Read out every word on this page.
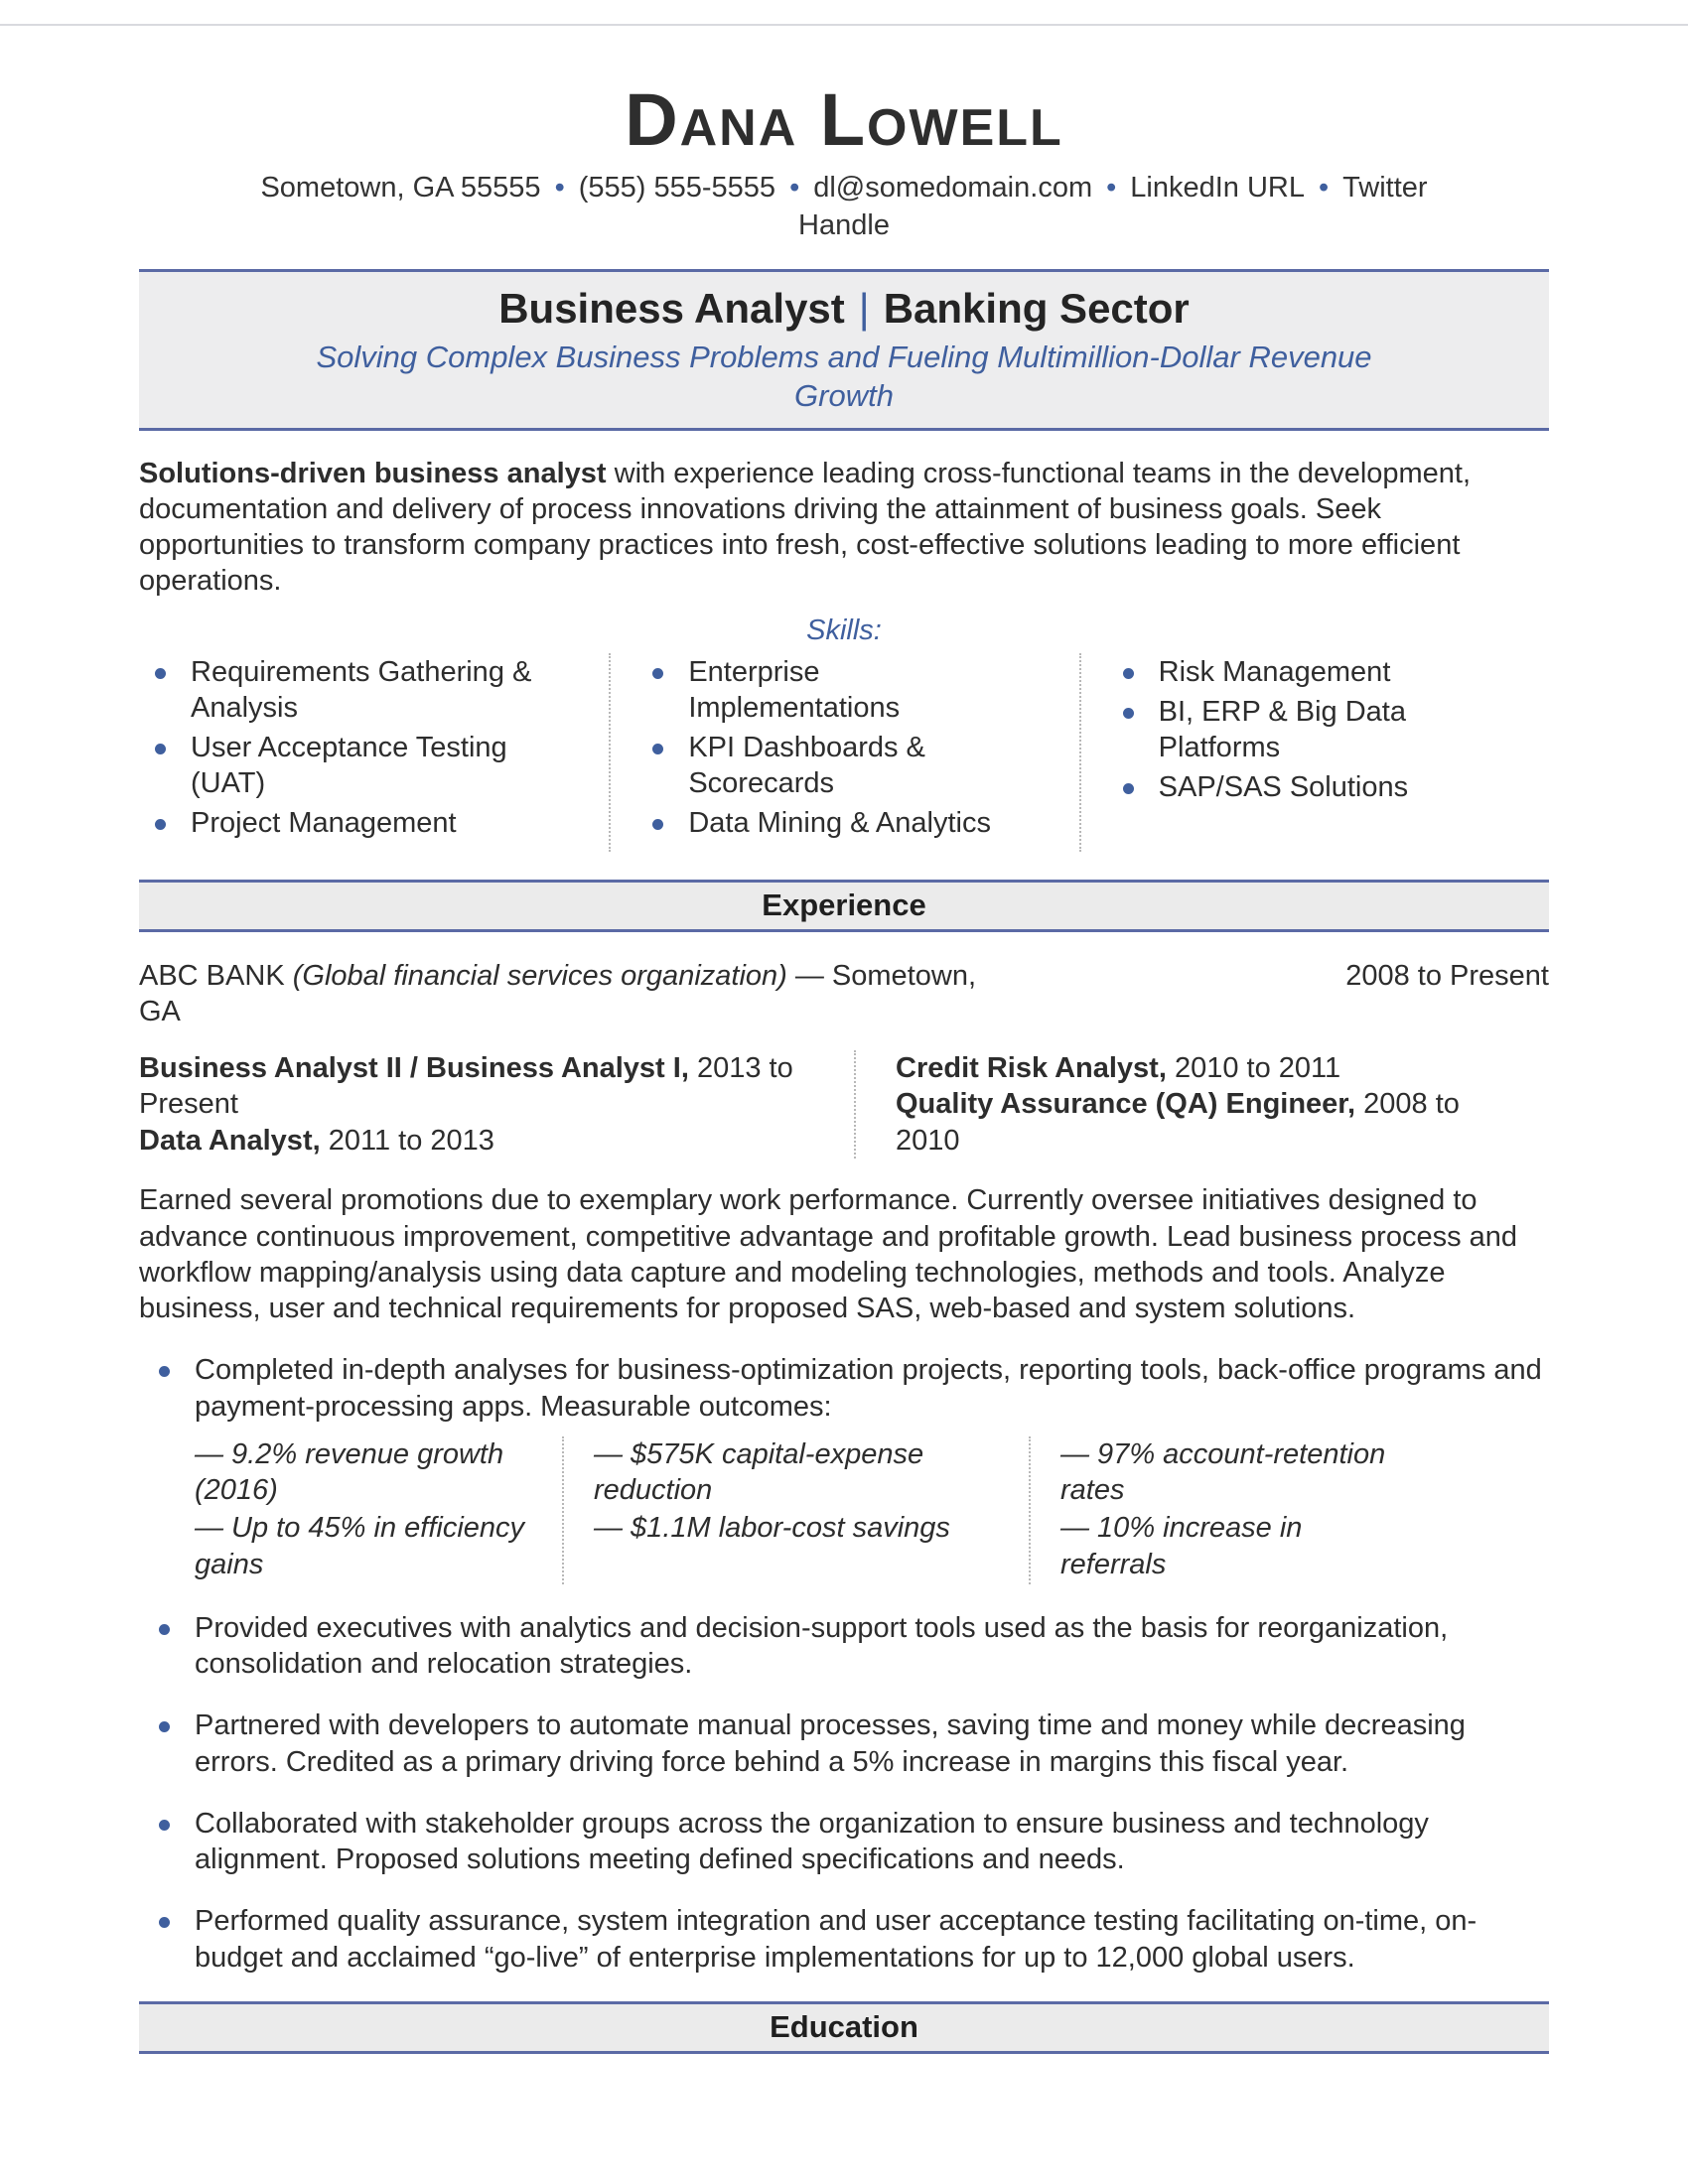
Dana Lowell
Sometown, GA 55555 • (555) 555-5555 • dl@somedomain.com • LinkedIn URL • Twitter Handle
Business Analyst | Banking Sector
Solving Complex Business Problems and Fueling Multimillion-Dollar Revenue Growth

Solutions-driven business analyst with experience leading cross-functional teams in the development, documentation and delivery of process innovations driving the attainment of business goals. Seek opportunities to transform company practices into fresh, cost-effective solutions leading to more efficient operations.

Skills:
Requirements Gathering & Analysis
User Acceptance Testing (UAT)
Project Management
Enterprise Implementations
KPI Dashboards & Scorecards
Data Mining & Analytics
Risk Management
BI, ERP & Big Data Platforms
SAP/SAS Solutions
Experience
ABC BANK (Global financial services organization) — Sometown, GA
2008 to Present
Business Analyst II / Business Analyst I, 2013 to Present
Data Analyst, 2011 to 2013
Credit Risk Analyst, 2010 to 2011
Quality Assurance (QA) Engineer, 2008 to 2010

Earned several promotions due to exemplary work performance. Currently oversee initiatives designed to advance continuous improvement, competitive advantage and profitable growth. Lead business process and workflow mapping/analysis using data capture and modeling technologies, methods and tools. Analyze business, user and technical requirements for proposed SAS, web-based and system solutions.

Completed in-depth analyses for business-optimization projects, reporting tools, back-office programs and payment-processing apps. Measurable outcomes:
— 9.2% revenue growth (2016)
— Up to 45% in efficiency gains
— $575K capital-expense reduction
— $1.1M labor-cost savings
— 97% account-retention rates
— 10% increase in referrals
Provided executives with analytics and decision-support tools used as the basis for reorganization, consolidation and relocation strategies.
Partnered with developers to automate manual processes, saving time and money while decreasing errors. Credited as a primary driving force behind a 5% increase in margins this fiscal year.
Collaborated with stakeholder groups across the organization to ensure business and technology alignment. Proposed solutions meeting defined specifications and needs.
Performed quality assurance, system integration and user acceptance testing facilitating on-time, on-budget and acclaimed “go-live” of enterprise implementations for up to 12,000 global users.
Education
